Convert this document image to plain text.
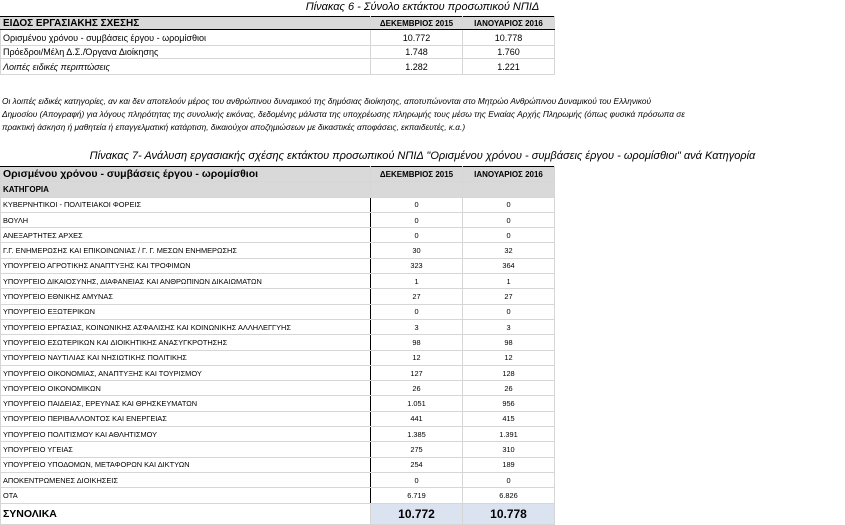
Πίνακας 6 - Σύνολο εκτάκτου προσωπικού ΝΠΙΔ
ΕΙΔΟΣ ΕΡΓΑΣΙΑΚΗΣ ΣΧΕΣΗΣ	ΔΕΚΕΜΒΡΙΟΣ 2015	ΙΑΝΟΥΑΡΙΟΣ 2016
Ορισμένου χρόνου - συμβάσεις έργου - ωρομίσθιοι	10.772	10.778
Πρόεδροι/Μέλη Δ.Σ./Όργανα Διοίκησης	1.748	1.760
Λοιπές ειδικές περιπτώσεις	1.282	1.221
Οι λοιπές ειδικές κατηγορίες, αν και δεν αποτελούν μέρος του ανθρώπινου δυναμικού της δημόσιας διοίκησης, αποτυπώνονται στο Μητρώο Ανθρώπινου Δυναμικού του Ελληνικού
Δημοσίου (Απογραφή) για λόγους πληρότητας της συνολικής εικόνας, δεδομένης μάλιστα της υποχρέωσης πληρωμής τους μέσω της Ενιαίας Αρχής Πληρωμής (όπως φυσικά πρόσωπα σε
πρακτική άσκηση ή μαθητεία ή επαγγελματική κατάρτιση, δικαιούχοι αποζημιώσεων με δικαστικές αποφάσεις, εκπαιδευτές, κ.α.)
Πίνακας 7- Ανάλυση εργασιακής σχέσης εκτάκτου προσωπικού ΝΠΙΔ "Ορισμένου χρόνου - συμβάσεις έργου - ωρομίσθιοι" ανά Κατηγορία
Ορισμένου χρόνου - συμβάσεις έργου - ωρομίσθιοι	ΔΕΚΕΜΒΡΙΟΣ 2015	ΙΑΝΟΥΑΡΙΟΣ 2016
ΚΑΤΗΓΟΡΙΑ		
ΚΥΒΕΡΝΗΤΙΚΟΙ - ΠΟΛΙΤΕΙΑΚΟΙ ΦΟΡΕΙΣ	0	0
ΒΟΥΛΗ	0	0
ΑΝΕΞΑΡΤΗΤΕΣ ΑΡΧΕΣ	0	0
Γ.Γ. ΕΝΗΜΕΡΩΣΗΣ ΚΑΙ ΕΠΙΚΟΙΝΩΝΙΑΣ / Γ. Γ. ΜΕΣΩΝ ΕΝΗΜΕΡΩΣΗΣ	30	32
ΥΠΟΥΡΓΕΙΟ ΑΓΡΟΤΙΚΗΣ ΑΝΑΠΤΥΞΗΣ ΚΑΙ ΤΡΟΦΙΜΩΝ	323	364
ΥΠΟΥΡΓΕΙΟ ΔΙΚΑΙΟΣΥΝΗΣ, ΔΙΑΦΑΝΕΙΑΣ ΚΑΙ ΑΝΘΡΩΠΙΝΩΝ ΔΙΚΑΙΩΜΑΤΩΝ	1	1
ΥΠΟΥΡΓΕΙΟ ΕΘΝΙΚΗΣ ΑΜΥΝΑΣ	27	27
ΥΠΟΥΡΓΕΙΟ ΕΞΩΤΕΡΙΚΩΝ	0	0
ΥΠΟΥΡΓΕΙΟ ΕΡΓΑΣΙΑΣ, ΚΟΙΝΩΝΙΚΗΣ ΑΣΦΑΛΙΣΗΣ ΚΑΙ ΚΟΙΝΩΝΙΚΗΣ ΑΛΛΗΛΕΓΓΥΗΣ	3	3
ΥΠΟΥΡΓΕΙΟ ΕΣΩΤΕΡΙΚΩΝ ΚΑΙ ΔΙΟΙΚΗΤΙΚΗΣ ΑΝΑΣΥΓΚΡΟΤΗΣΗΣ	98	98
ΥΠΟΥΡΓΕΙΟ ΝΑΥΤΙΛΙΑΣ ΚΑΙ ΝΗΣΙΩΤΙΚΗΣ ΠΟΛΙΤΙΚΗΣ	12	12
ΥΠΟΥΡΓΕΙΟ ΟΙΚΟΝΟΜΙΑΣ, ΑΝΑΠΤΥΞΗΣ ΚΑΙ ΤΟΥΡΙΣΜΟΥ	127	128
ΥΠΟΥΡΓΕΙΟ ΟΙΚΟΝΟΜΙΚΩΝ	26	26
ΥΠΟΥΡΓΕΙΟ ΠΑΙΔΕΙΑΣ, ΕΡΕΥΝΑΣ ΚΑΙ ΘΡΗΣΚΕΥΜΑΤΩΝ	1.051	956
ΥΠΟΥΡΓΕΙΟ ΠΕΡΙΒΑΛΛΟΝΤΟΣ ΚΑΙ ΕΝΕΡΓΕΙΑΣ	441	415
ΥΠΟΥΡΓΕΙΟ ΠΟΛΙΤΙΣΜΟΥ ΚΑΙ ΑΘΛΗΤΙΣΜΟΥ	1.385	1.391
ΥΠΟΥΡΓΕΙΟ ΥΓΕΙΑΣ	275	310
ΥΠΟΥΡΓΕΙΟ ΥΠΟΔΟΜΩΝ, ΜΕΤΑΦΟΡΩΝ ΚΑΙ ΔΙΚΤΥΩΝ	254	189
ΑΠΟΚΕΝΤΡΩΜΕΝΕΣ ΔΙΟΙΚΗΣΕΙΣ	0	0
ΟΤΑ	6.719	6.826
ΣΥΝΟΛΙΚΑ	10.772	10.778
